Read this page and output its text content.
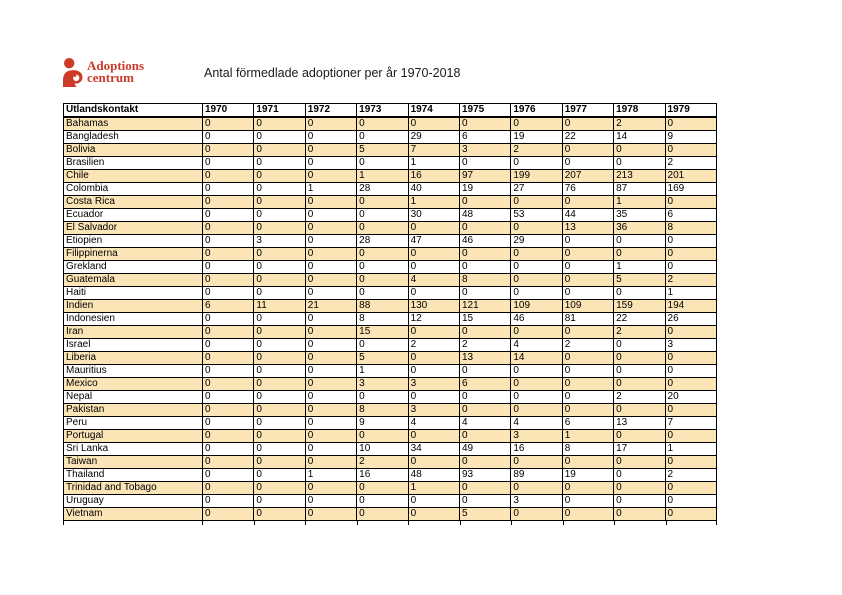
Adoptions
centrum	Antal förmedlade adoptioner per år 1970-2018
Utlandskontakt	1970	1971	1972	1973	1974	1975	1976	1977	1978	1979
Bahamas	0	0	0	0	0	0	0	0	2	0
Bangladesh	0	0	0	0	29	6	19	22	14	9
Bolivia	0	0	0	5	7	3	2	0	0	0
Brasilien	0	0	0	0	1	0	0	0	0	2
Chile	0	0	0	1	16	97	199	207	213	201
Colombia	0	0	1	28	40	19	27	76	87	169
Costa Rica	0	0	0	0	1	0	0	0	1	0
Ecuador	0	0	0	0	30	48	53	44	35	6
El Salvador	0	0	0	0	0	0	0	13	36	8
Etiopien	0	3	0	28	47	46	29	0	0	0
Filippinerna	0	0	0	0	0	0	0	0	0	0
Grekland	0	0	0	0	0	0	0	0	1	0
Guatemala	0	0	0	0	4	8	0	0	5	2
Haiti	0	0	0	0	0	0	0	0	0	1
Indien	6	11	21	88	130	121	109	109	159	194
Indonesien	0	0	0	8	12	15	46	81	22	26
Iran	0	0	0	15	0	0	0	0	2	0
Israel	0	0	0	0	2	2	4	2	0	3
Liberia	0	0	0	5	0	13	14	0	0	0
Mauritius	0	0	0	1	0	0	0	0	0	0
Mexico	0	0	0	3	3	6	0	0	0	0
Nepal	0	0	0	0	0	0	0	0	2	20
Pakistan	0	0	0	8	3	0	0	0	0	0
Peru	0	0	0	9	4	4	4	6	13	7
Portugal	0	0	0	0	0	0	3	1	0	0
Sri Lanka	0	0	0	10	34	49	16	8	17	1
Taiwan	0	0	0	2	0	0	0	0	0	0
Thailand	0	0	1	16	48	93	89	19	0	2
Trinidad and Tobago	0	0	0	0	1	0	0	0	0	0
Uruguay	0	0	0	0	0	0	3	0	0	0
Vietnam	0	0	0	0	0	5	0	0	0	0
